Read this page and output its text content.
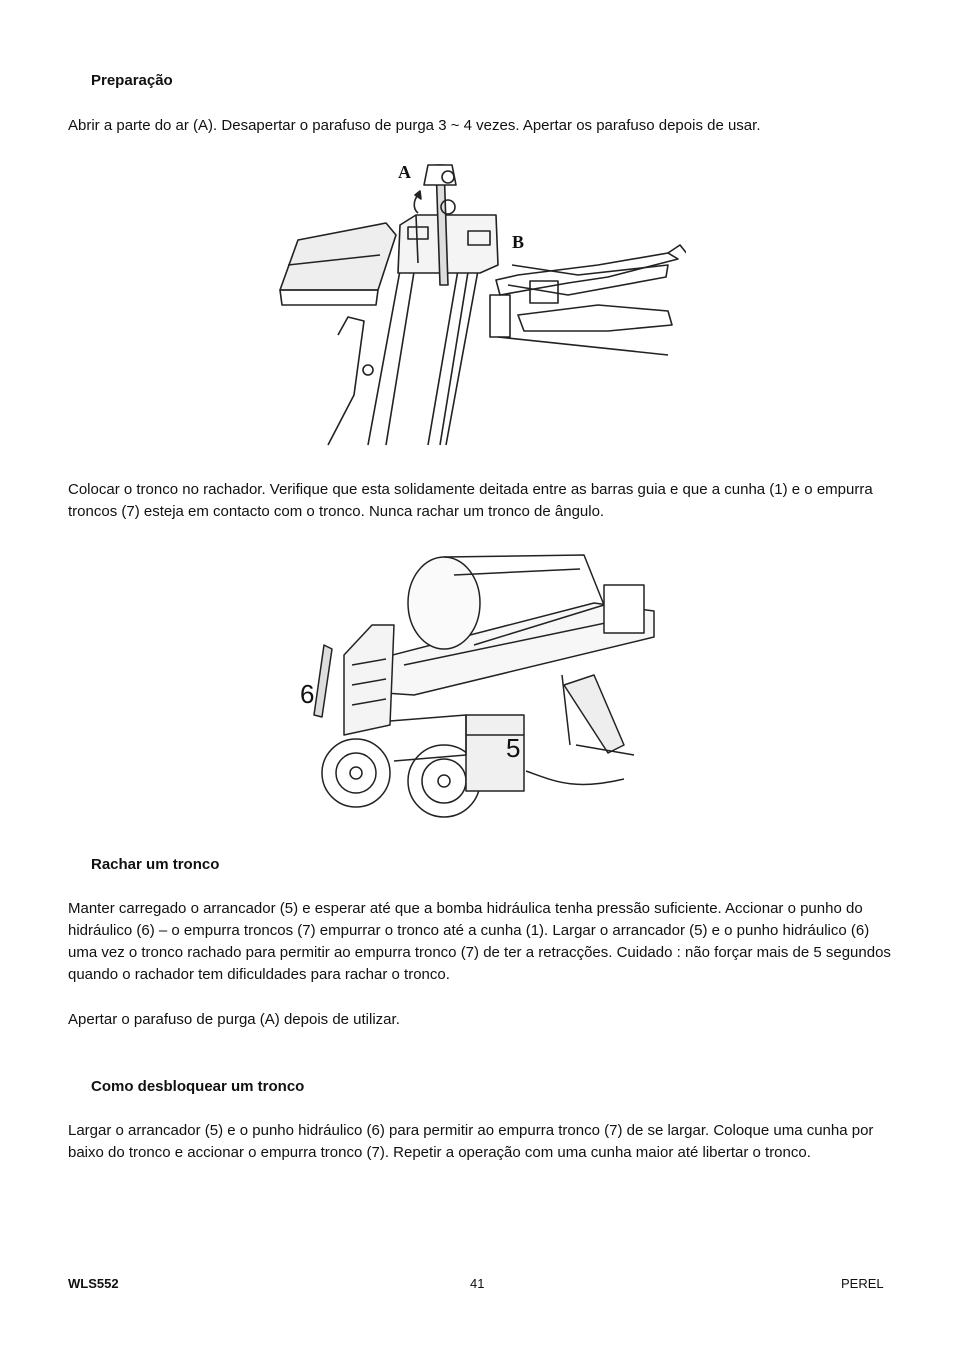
Preparação
Abrir a parte do ar (A). Desapertar o parafuso de purga 3 ~ 4 vezes. Apertar os parafuso depois de usar.
A
B
Colocar o tronco no rachador. Verifique que esta solidamente deitada entre as barras guia e que a cunha (1) e o empurra troncos (7) esteja em contacto com o tronco. Nunca rachar um tronco de ângulo.
6
5
Rachar um tronco
Manter carregado o arrancador (5) e esperar até que a bomba hidráulica tenha pressão suficiente. Accionar o punho do hidráulico (6) – o empurra troncos (7) empurrar o tronco até a cunha (1). Largar o arrancador (5) e o punho hidráulico (6) uma vez o tronco rachado para permitir ao empurra tronco (7) de ter a retracções. Cuidado : não forçar mais de 5 segundos quando o rachador tem dificuldades para rachar o tronco.
Apertar o parafuso de purga (A) depois de utilizar.
Como desbloquear um tronco
Largar o arrancador (5) e o punho hidráulico (6) para permitir ao empurra tronco (7) de se largar. Coloque uma cunha por baixo do tronco e accionar o empurra tronco (7). Repetir a operação com uma cunha maior até libertar o tronco.
WLS552	41	PEREL
